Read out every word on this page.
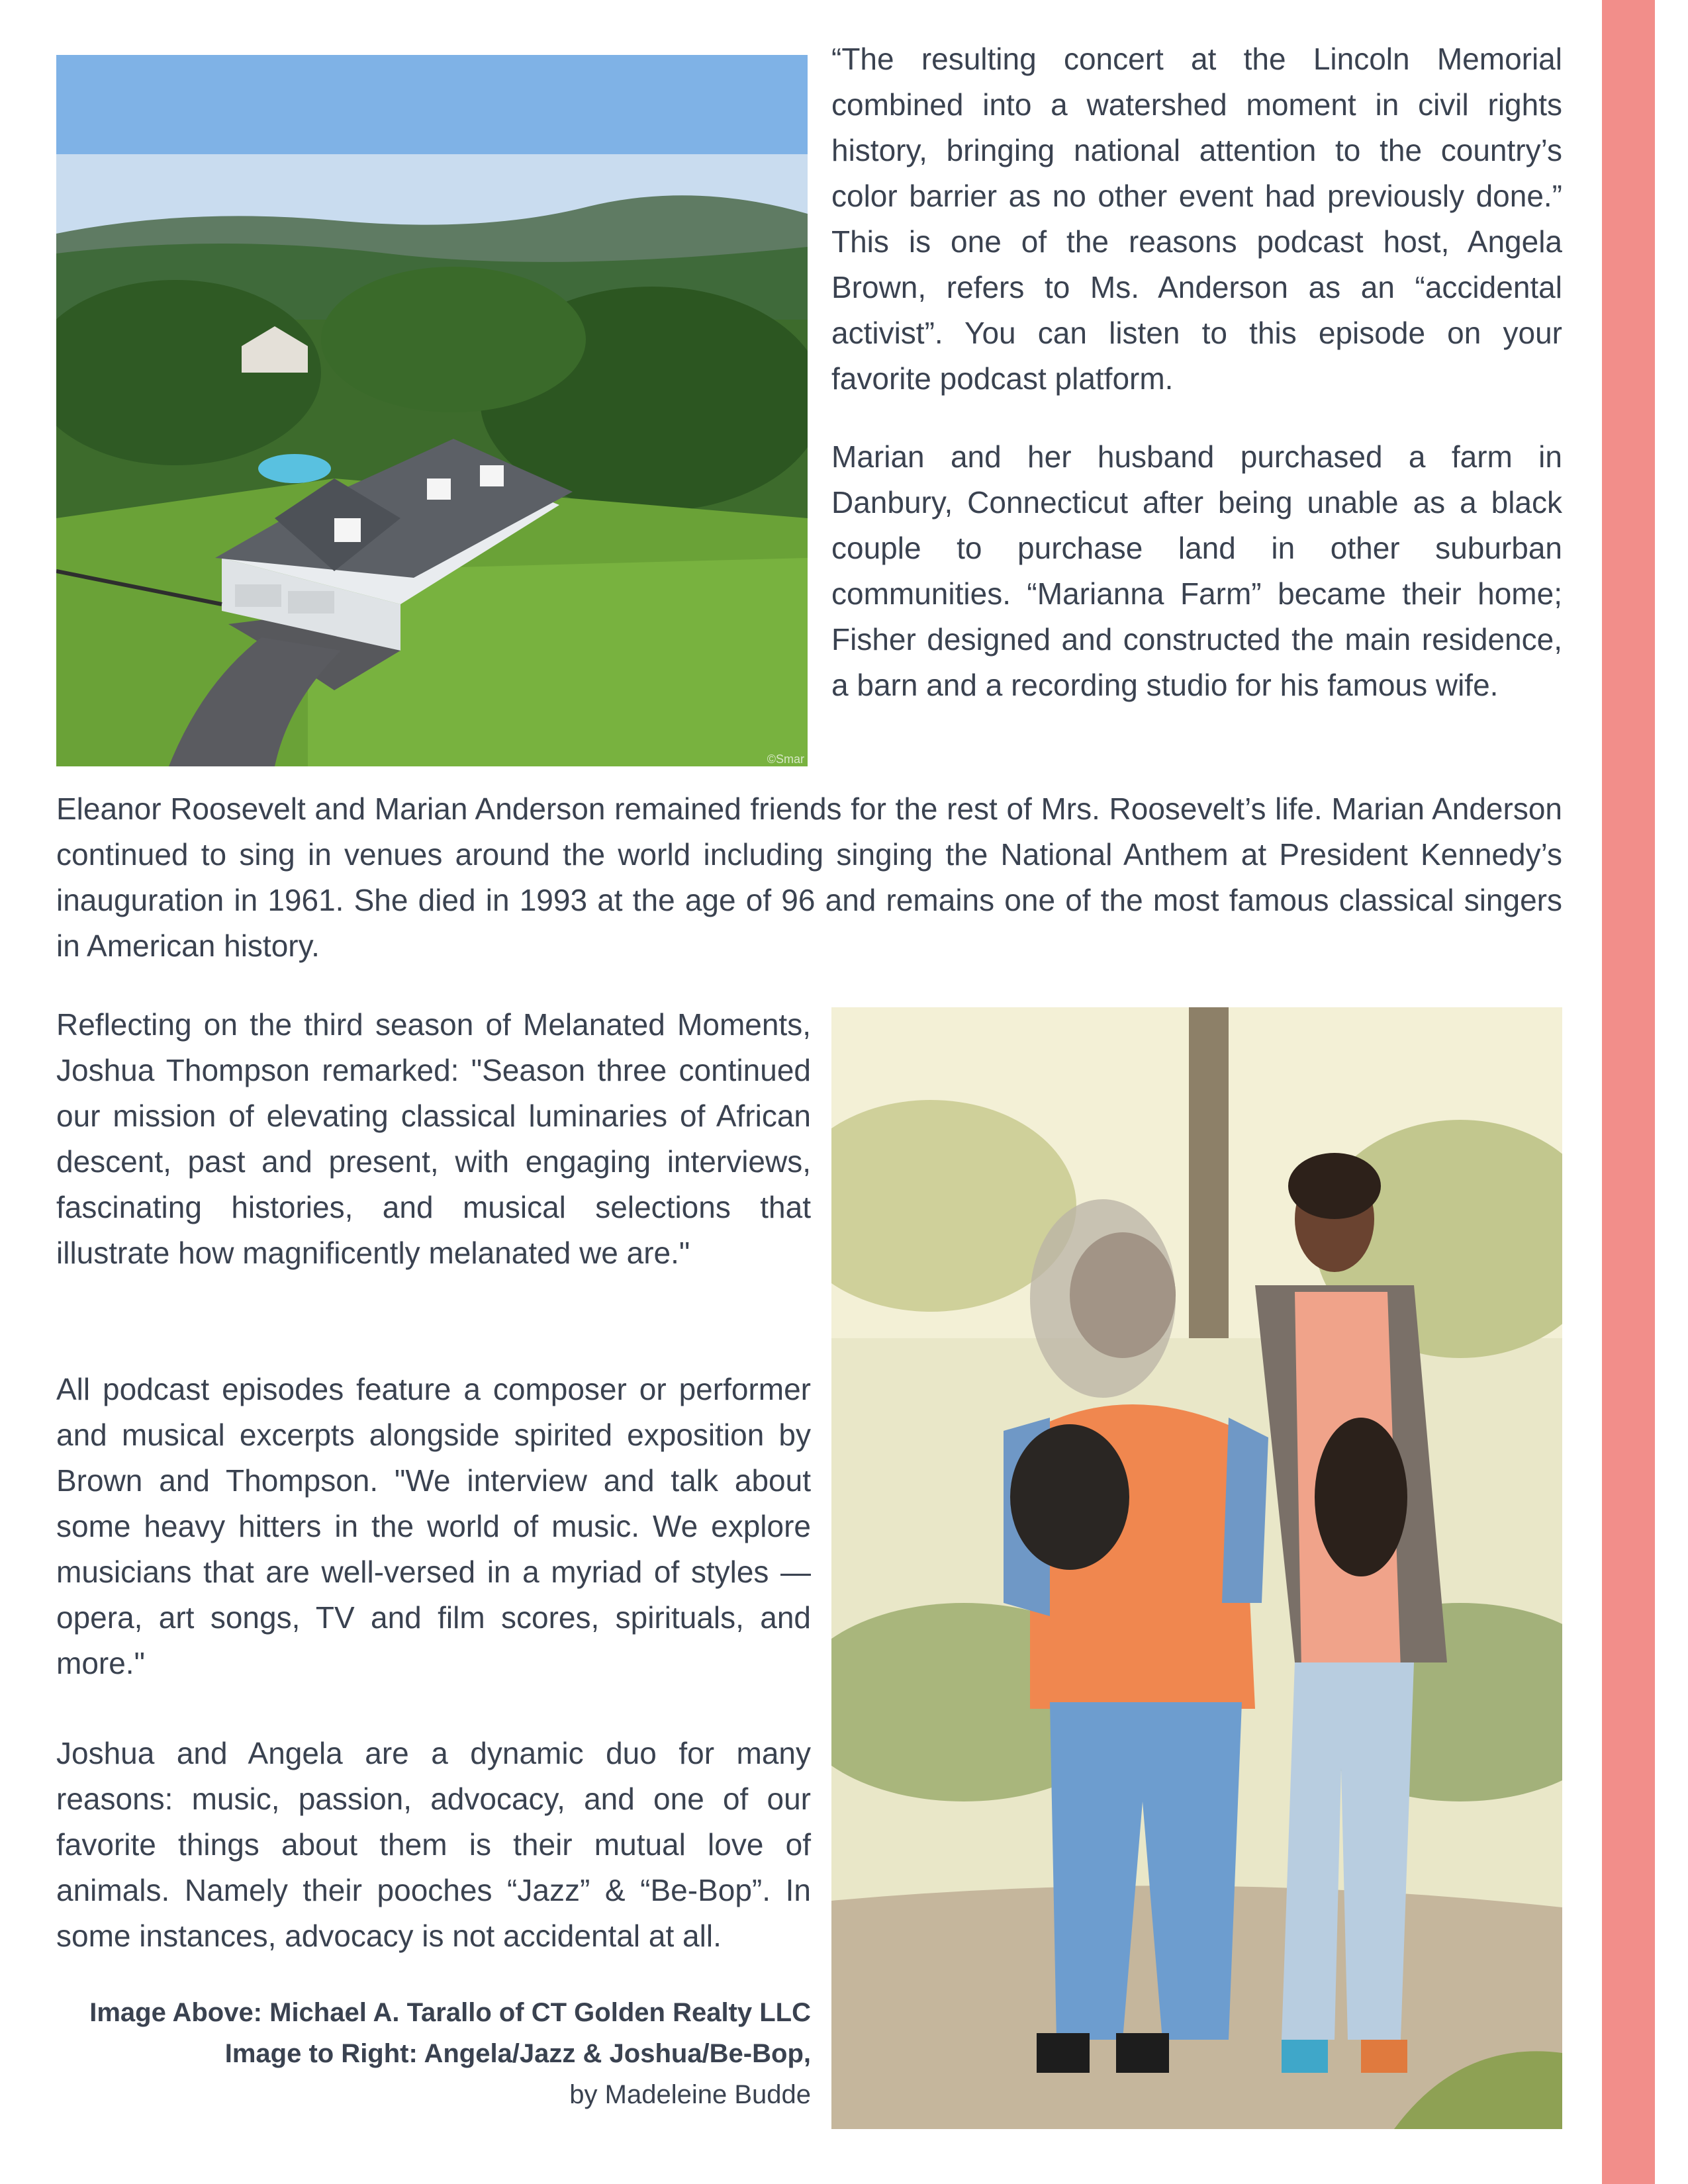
©Smar

“The resulting concert at the Lincoln Memorial combined into a watershed moment in civil rights history, bringing national attention to the country’s color barrier as no other event had previously done.” This is one of the reasons podcast host, Angela Brown, refers to Ms. Anderson as an “accidental activist”. You can listen to this episode on your favorite podcast platform.

Marian and her husband purchased a farm in Danbury, Connecticut after being unable as a black couple to purchase land in other suburban communities. “Marianna Farm” became their home; Fisher designed and constructed the main residence, a barn and a recording studio for his famous wife.

Eleanor Roosevelt and Marian Anderson remained friends for the rest of Mrs. Roosevelt’s life. Marian Anderson continued to sing in venues around the world including singing the National Anthem at President Kennedy’s inauguration in 1961. She died in 1993 at the age of 96 and remains one of the most famous classical singers in American history.

Reflecting on the third season of Melanated Moments, Joshua Thompson remarked: "Season three continued our mission of elevating classical luminaries of African descent, past and present, with engaging interviews, fascinating histories, and musical selections that illustrate how magnificently melanated we are."

All podcast episodes feature a composer or performer and musical excerpts alongside spirited exposition by Brown and Thompson. "We interview and talk about some heavy hitters in the world of music. We explore musicians that are well-versed in a myriad of styles — opera, art songs, TV and film scores, spirituals, and more."

Joshua and Angela are a dynamic duo for many reasons: music, passion, advocacy, and one of our favorite things about them is their mutual love of animals. Namely their pooches “Jazz” & “Be-Bop”. In some instances, advocacy is not accidental at all.

Image Above: Michael A. Tarallo of CT Golden Realty LLC
Image to Right: Angela/Jazz & Joshua/Be-Bop,
by Madeleine Budde
